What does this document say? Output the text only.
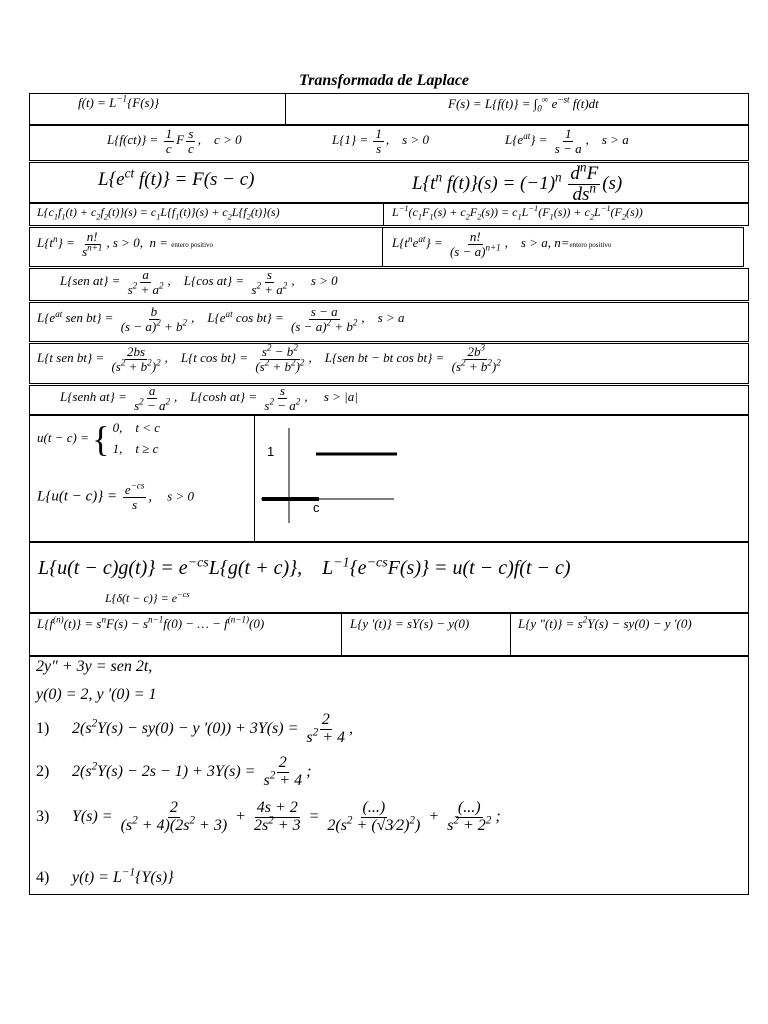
Transformada de Laplace
$f(t) = L^{-1}\{F(s)\}$	$F(s) = L\{f(t)\} = \int_0^\infty$ $e^{-st}$ f(t)dt
$L\{f(ct)\} = \frac{1}{c}$ F $\frac{s}{c}$ ,    c > 0	$L\{1\} = \frac{1}{s}$ ,    s > 0	$L\{e^{at}\} = \frac{1}{s - a}$ ,    s > a
$L\{e^{ct}$ f(t)} = F(s − c)	$L\{t^n$ $f(t)\}(s) = (-1)^n \frac{d^nF}{ds^n} (s)$
$L\{c_1f_1(t) + c_2f_2(t)\}(s) = c_1L\{f_1(t)\}(s) + c_2L\{f_2(t)\}(s)$	$L^{-1}(c_1F_1(s) + c_2F_2(s)) = c_1L^{-1}(F_1(s)) + c_2L^{-1}(F_2(s))$
$L\{t^n\} = \frac{n!}{s^{n+1}}$ , s > 0,  n = entero positivo	$L\{t^ne^{at}\} = \frac{n!}{(s - a)^{n+1}}$ ,    s > a, n=entero positivo
L{sen $at\} = \frac{a}{s^2 + a^2}$ ,    L{cos $at\} = \frac{s}{s^2 + a^2}$ ,     s > 0
$L\{e^{at}$ sen $bt\} = \frac{b}{(s - a)^2 + b^2}$ ,    $L\{e^{at}$ $\cos bt\} = \frac{s - a}{(s - a)^2 + b^2}$ ,    s > a
L{t sen $bt\} = \frac{2bs}{(s^2 + b^2)^2}$ ,    L{t $\cos bt\} = \frac{s^2 - b^2}{(s^2 + b^2)^2}$ ,    L{sen bt − bt $\cos bt\} = \frac{2b^3}{(s^2 + b^2)^2}$
L{senh $at\} = \frac{a}{s^2 - a^2}$ ,    L{cosh $at\} = \frac{s}{s^2 - a^2}$ ,     s > |a|
u(t − c) = { 0,    t < c
1,    t ≥ c
$L\{u(t - c)\} = \frac{e^{-cs}}{s}$ ,    s > 0
1
c
$L\{u(t - c)g(t)\} = e^{-cs}L\{g(t + c)\}$,    $L^{-1}\{e^{-cs}F(s)\} = u(t - c)f(t - c)$
$L\{\delta(t - c)\} = e^{-cs}$
$L\{f^{(n)}(t)\} = s^nF(s) - s^{n-1}f(0)$ − … − $f^{(n-1)}(0)$	L{y '(t)} = sY(s) − y(0)	L{y "$(t)\} = s^2Y(s) - sy(0) - y$ '(0)
2y" + 3y = sen 2t,
y(0) = 2, y '(0) = 1
1) $2(s^2Y(s) - sy(0) - y$ '$(0)) + 3Y(s) = \frac{2}{s^2 + 4}$ ,
2) $2(s^2Y(s) - 2s - 1) + 3Y(s) = \frac{2}{s^2 + 4}$ ;
3) $Y(s) = \frac{2}{(s^2 + 4)(2s^2 + 3)} + \frac{4s + 2}{2s^2 + 3} = \frac{(...)}{2(s^2 + (√3⁄2)^2)} + \frac{(...)}{s^2 + 2^2}$ ;
4) $y(t) = L^{-1}\{Y(s)\}$
